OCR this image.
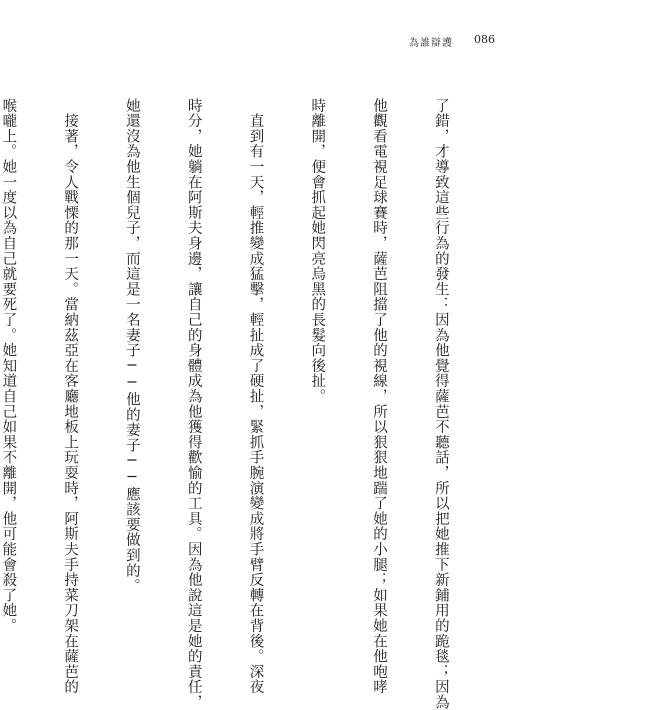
為誰辯護 086

了錯，才導致這些行為的發生：因為他覺得薩芭不聽話，所以把她推下新鋪用的跪毯；因為

他觀看電視足球賽時，薩芭阻擋了他的視線，所以狠狠地踹了她的小腿；如果她在他咆哮

時離開，便會抓起她閃亮烏黑的長髮向後扯。

　直到有一天，輕推變成猛擊，輕扯成了硬扯，緊抓手腕演變成將手臂反轉在背後。深夜

時分，她躺在阿斯夫身邊，讓自己的身體成為他獲得歡愉的工具。因為他說這是她的責任，

她還沒為他生個兒子，而這是一名妻子──他的妻子──應該要做到的。

　接著，令人戰慄的那一天。當納茲亞在客廳地板上玩耍時，阿斯夫手持菜刀架在薩芭的

喉嚨上。她一度以為自己就要死了。她知道自己如果不離開，他可能會殺了她。
